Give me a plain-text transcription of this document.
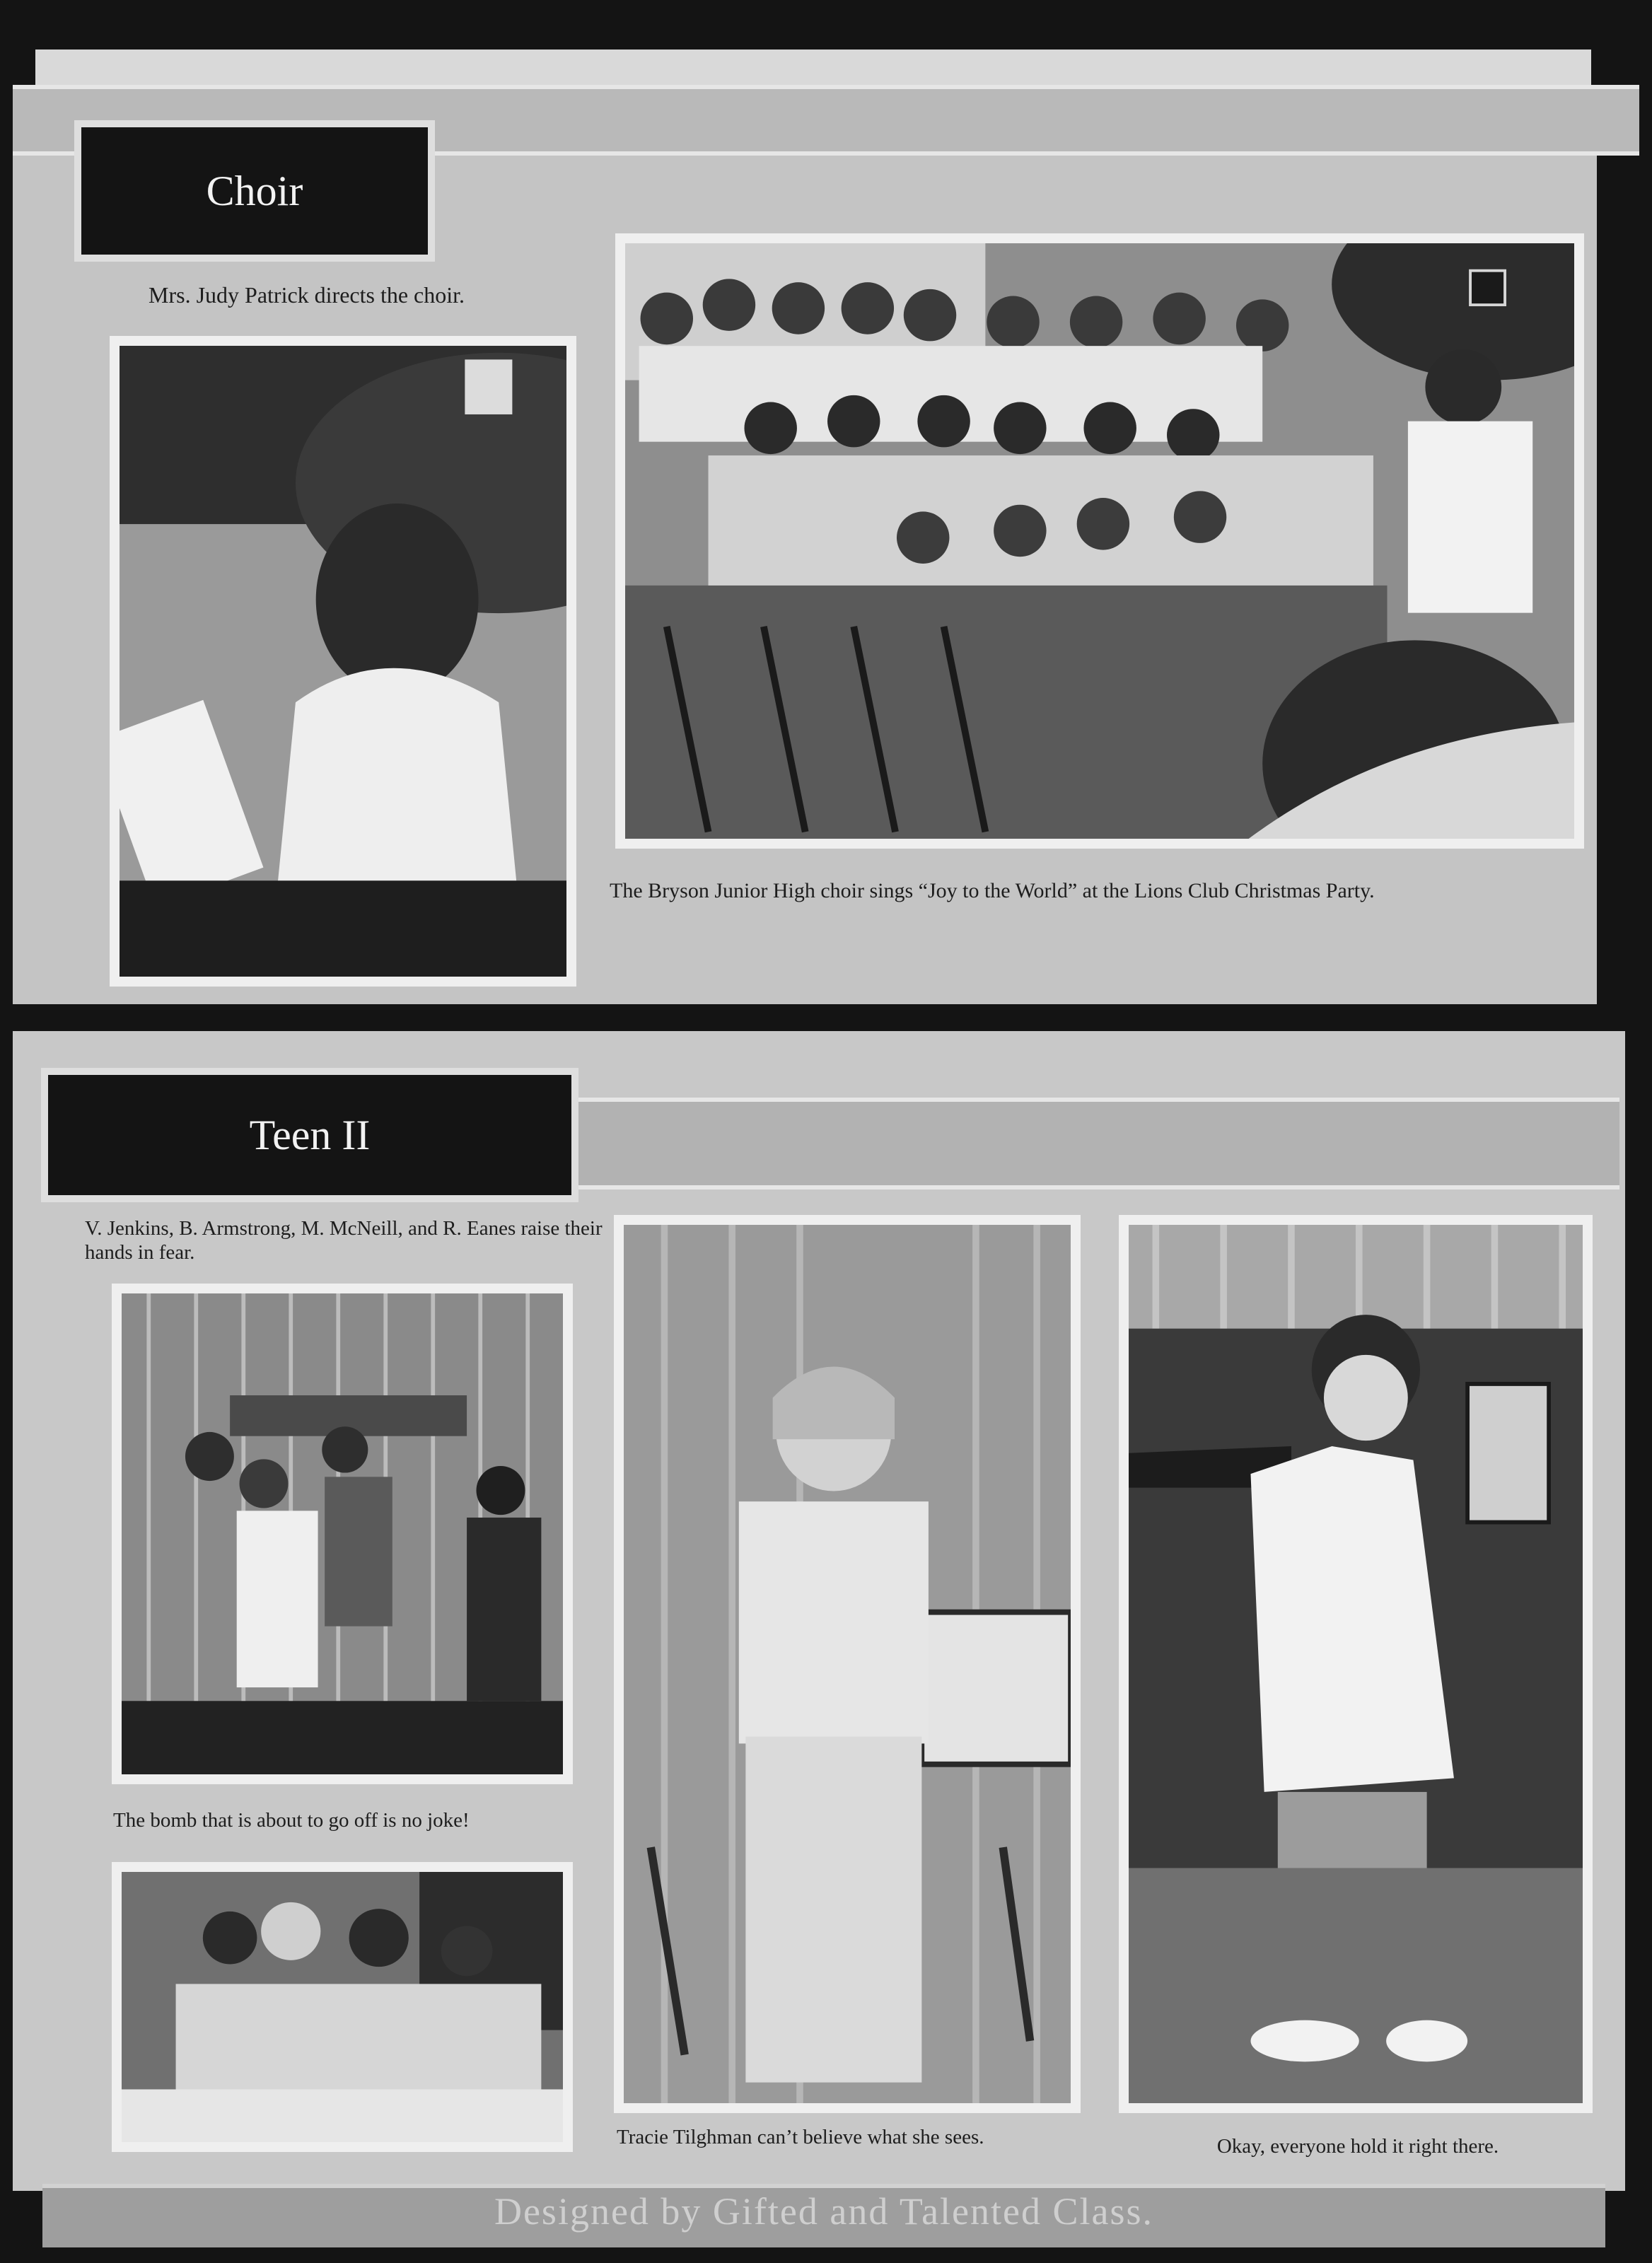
Choir
Mrs. Judy Patrick directs the choir.
The Bryson Junior High choir sings “Joy to the World” at the Lions Club Christmas Party.
Teen II
V. Jenkins, B. Armstrong, M. McNeill, and R. Eanes raise their hands in fear.
The bomb that is about to go off is no joke!
Tracie Tilghman can’t believe what she sees.	Okay, everyone hold it right there.
Designed by Gifted and Talented Class.
